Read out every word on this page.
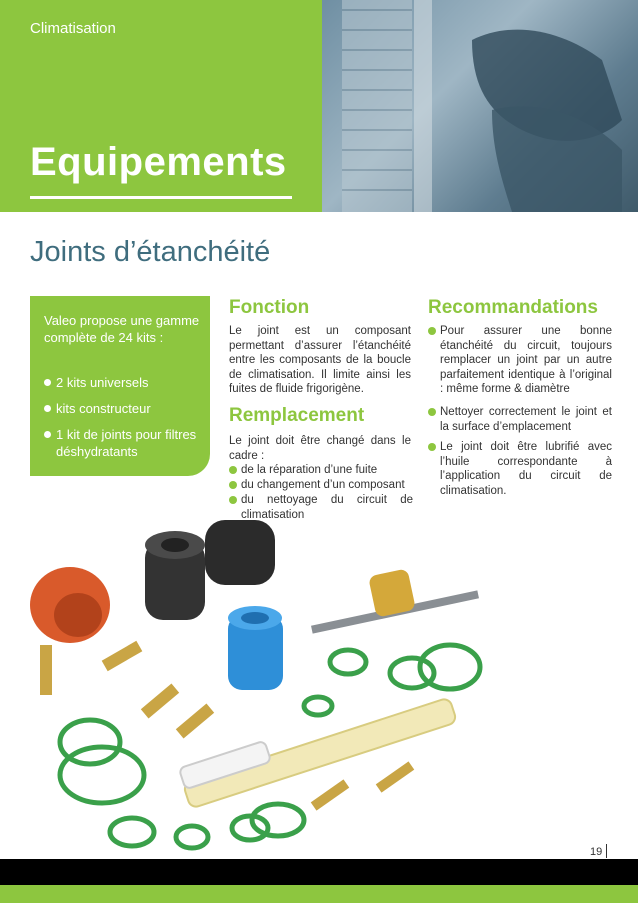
Climatisation
Equipements
Joints d’étanchéité
Valeo propose une gamme complète de 24 kits :
2 kits universels
kits constructeur
1 kit de joints pour filtres déshydratants
Fonction
Le joint est un composant permettant d’assurer l’étanchéité entre les composants de la boucle de climatisation. Il limite ainsi les fuites de fluide frigorigène.
Remplacement
Le joint doit être changé dans le cadre :
de la réparation d’une fuite
du changement d’un composant
du nettoyage du circuit de climatisation
Recommandations
Pour assurer une bonne étanchéité du circuit, toujours remplacer un joint par un autre parfaitement identique à l’original : même forme & diamètre
Nettoyer correctement le joint et la surface d’emplacement
Le joint doit être lubrifié avec l’huile correspondante à l’application du circuit de climatisation.
19
